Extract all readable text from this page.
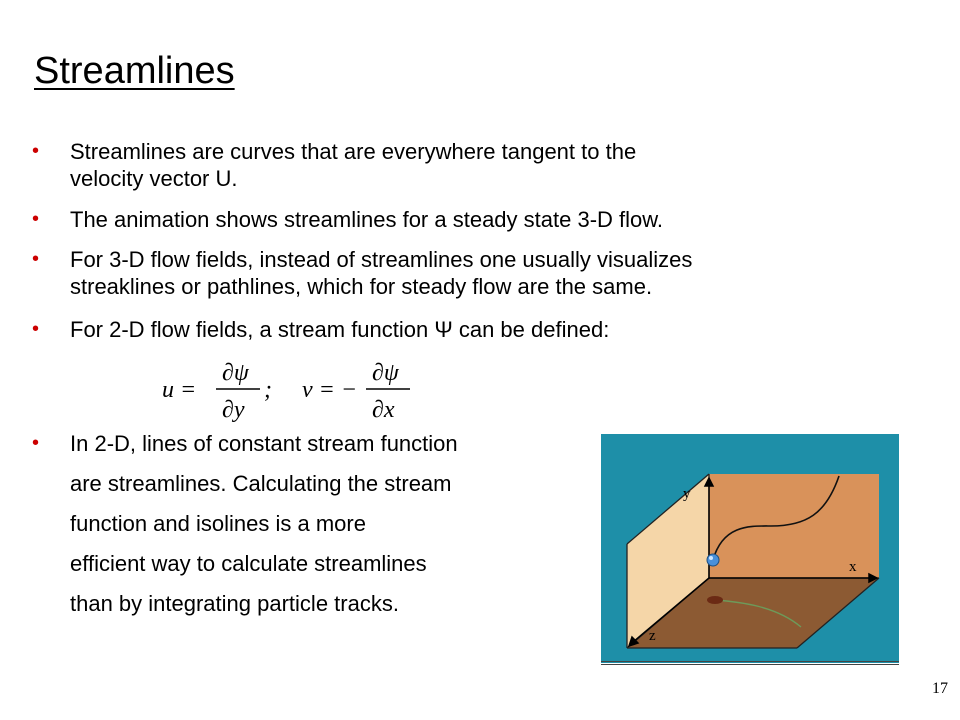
Streamlines
•	Streamlines are curves that are everywhere tangent to the
velocity vector U.
•	The animation shows streamlines for a steady state 3-D flow.
•	For 3-D flow fields, instead of streamlines one usually visualizes
streaklines or pathlines, which for steady flow are the same.
•	For 2-D flow fields, a stream function Ψ can be defined:
u =
∂ψ
∂y
; v = −
∂ψ
∂x
•	In 2-D, lines of constant stream function
are streamlines. Calculating the stream
function and isolines is a more
efficient way to calculate streamlines
than by integrating particle tracks.
y
x
z
17
